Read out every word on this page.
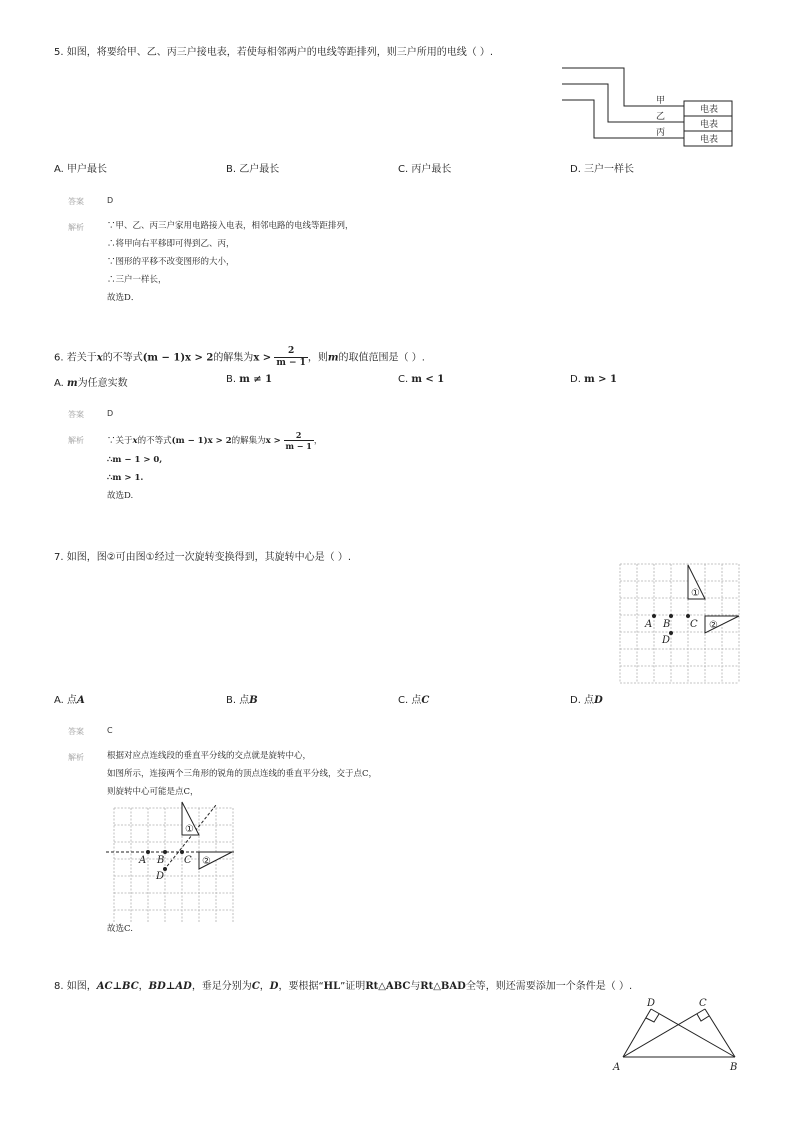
5. 如图，将要给甲、乙、丙三户接电表，若使每相邻两户的电线等距排列，则三户所用的电线（ ）.
甲
乙
丙
电表
电表
电表
A. 甲户最长	B. 乙户最长	C. 丙户最长	D. 三户一样长
答案	D
解析	∵甲、乙、丙三户家用电路接入电表，相邻电路的电线等距排列，
∴将甲向右平移即可得到乙、丙，
∵图形的平移不改变图形的大小，
∴三户一样长，
故选D．
6. 若关于x的不等式(m − 1)x > 2的解集为$x > \frac{2}{m - 1}$ ，则m的取值范围是（ ）.
A. m为任意实数	B. m ≠ 1	C. m < 1	D. m > 1
答案	D
解析	∵关于x的不等式(m − 1)x > 2的解集为$x > \frac{2}{m - 1}$ ，
∴m − 1 > 0,
∴m > 1.
故选D.
7. 如图，图②可由图①经过一次旋转变换得到，其旋转中心是（ ）.
①
②
A B C
D
A. 点A	B. 点B	C. 点C	D. 点D
答案	C
解析	根据对应点连线段的垂直平分线的交点就是旋转中心，
如图所示，连接两个三角形的锐角的顶点连线的垂直平分线，交于点C，
则旋转中心可能是点C，
①
②
A B C
D
故选C.
8. 如图，AC⊥BC，BD⊥AD，垂足分别为C，D，要根据“HL”证明Rt△ABC与Rt△BAD全等，则还需要添加一个条件是（ ）.
D	C
A	B
